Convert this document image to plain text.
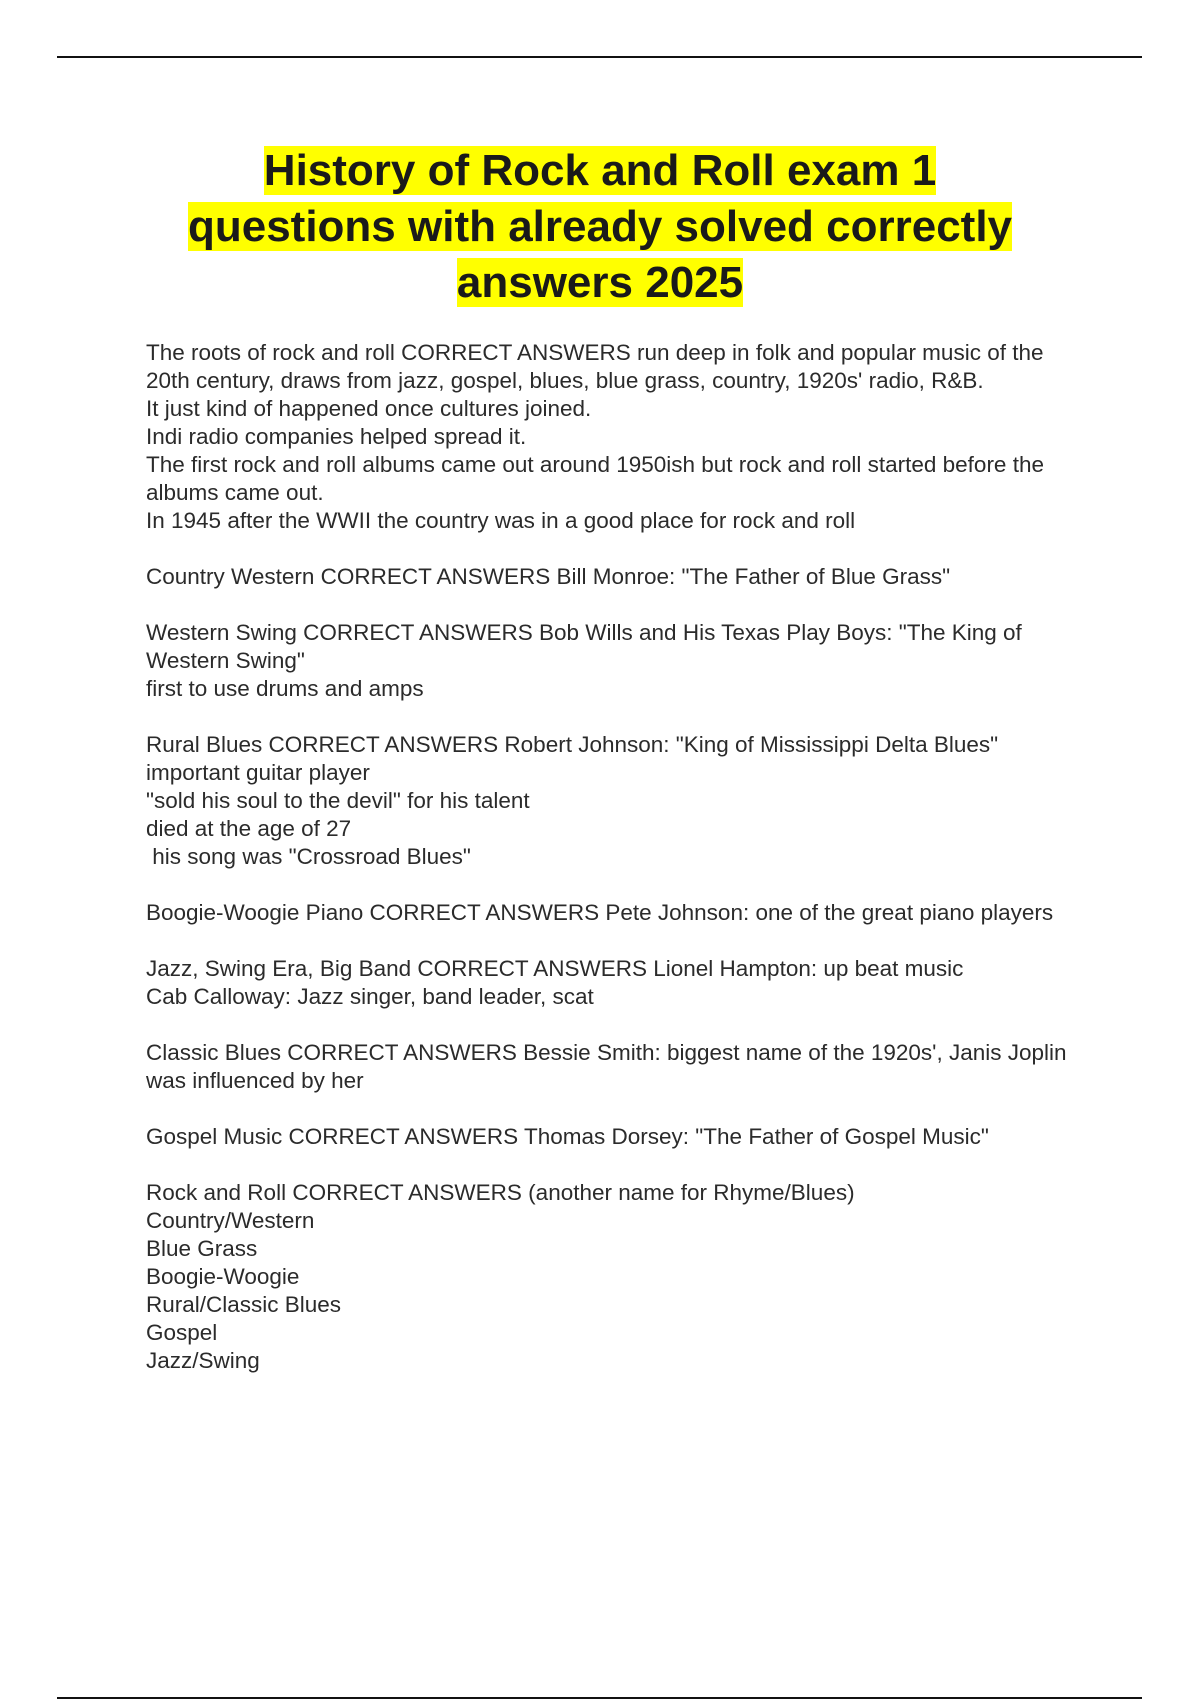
History of Rock and Roll exam 1
questions with already solved correctly
answers 2025
The roots of rock and roll CORRECT ANSWERS run deep in folk and popular music of the 20th century, draws from jazz, gospel, blues, blue grass, country, 1920s' radio, R&B.
It just kind of happened once cultures joined.
Indi radio companies helped spread it.
The first rock and roll albums came out around 1950ish but rock and roll started before the albums came out.
In 1945 after the WWII the country was in a good place for rock and roll
Country Western CORRECT ANSWERS Bill Monroe: "The Father of Blue Grass"
Western Swing CORRECT ANSWERS Bob Wills and His Texas Play Boys: "The King of Western Swing"
first to use drums and amps
Rural Blues CORRECT ANSWERS Robert Johnson: "King of Mississippi Delta Blues"
important guitar player
"sold his soul to the devil" for his talent
died at the age of 27
his song was "Crossroad Blues"
Boogie-Woogie Piano CORRECT ANSWERS Pete Johnson: one of the great piano players
Jazz, Swing Era, Big Band CORRECT ANSWERS Lionel Hampton: up beat music
Cab Calloway: Jazz singer, band leader, scat
Classic Blues CORRECT ANSWERS Bessie Smith: biggest name of the 1920s', Janis Joplin was influenced by her
Gospel Music CORRECT ANSWERS Thomas Dorsey: "The Father of Gospel Music"
Rock and Roll CORRECT ANSWERS (another name for Rhyme/Blues)
Country/Western
Blue Grass
Boogie-Woogie
Rural/Classic Blues
Gospel
Jazz/Swing
